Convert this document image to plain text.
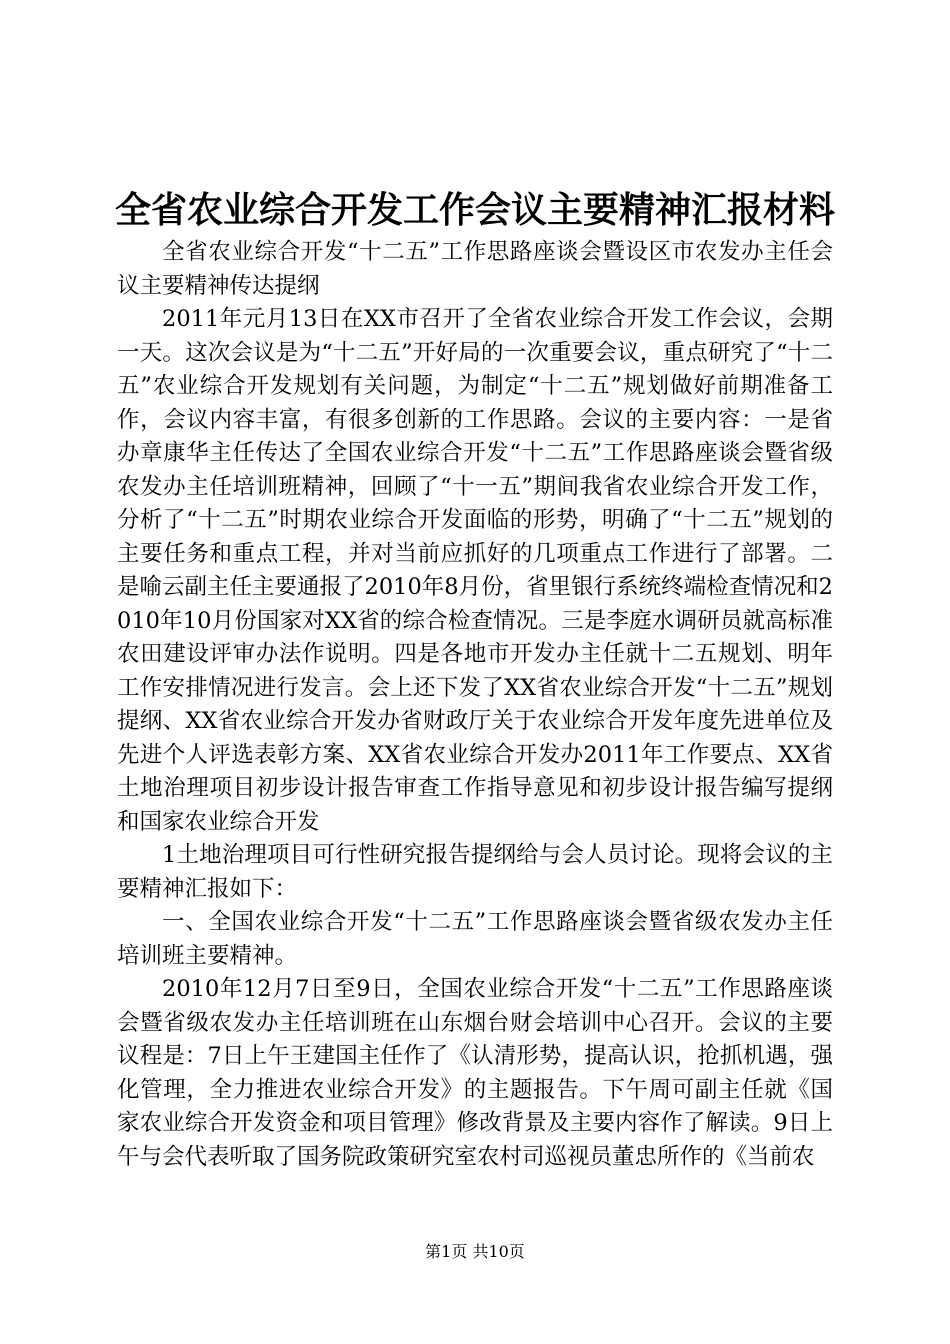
全省农业综合开发工作会议主要精神汇报材料

全省农业综合开发“十二五”工作思路座谈会暨设区市农发办主任会议主要精神传达提纲

2011年元月13日在XX市召开了全省农业综合开发工作会议，会期一天。这次会议是为“十二五”开好局的一次重要会议，重点研究了“十二五”农业综合开发规划有关问题，为制定“十二五”规划做好前期准备工作，会议内容丰富，有很多创新的工作思路。会议的主要内容：一是省办章康华主任传达了全国农业综合开发“十二五”工作思路座谈会暨省级农发办主任培训班精神，回顾了“十一五”期间我省农业综合开发工作，分析了“十二五”时期农业综合开发面临的形势，明确了“十二五”规划的主要任务和重点工程，并对当前应抓好的几项重点工作进行了部署。二是喻云副主任主要通报了2010年8月份，省里银行系统终端检查情况和2010年10月份国家对XX省的综合检查情况。三是李庭水调研员就高标准农田建设评审办法作说明。四是各地市开发办主任就十二五规划、明年工作安排情况进行发言。会上还下发了XX省农业综合开发“十二五”规划提纲、XX省农业综合开发办省财政厅关于农业综合开发年度先进单位及先进个人评选表彰方案、XX省农业综合开发办2011年工作要点、XX省土地治理项目初步设计报告审查工作指导意见和初步设计报告编写提纲和国家农业综合开发

1土地治理项目可行性研究报告提纲给与会人员讨论。现将会议的主要精神汇报如下：

一、全国农业综合开发“十二五”工作思路座谈会暨省级农发办主任培训班主要精神。

2010年12月7日至9日，全国农业综合开发“十二五”工作思路座谈会暨省级农发办主任培训班在山东烟台财会培训中心召开。会议的主要议程是：7日上午王建国主任作了《认清形势，提高认识，抢抓机遇，强化管理，全力推进农业综合开发》的主题报告。下午周可副主任就《国家农业综合开发资金和项目管理》修改背景及主要内容作了解读。9日上午与会代表听取了国务院政策研究室农村司巡视员董忠所作的《当前农

第1页 共10页
